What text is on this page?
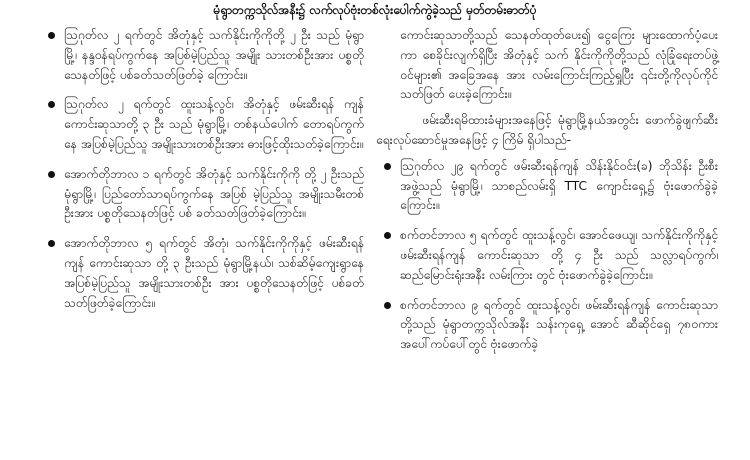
မုံရွာတက္ကသိုလ်အနီး၌ လက်လုပ်ဗုံးတစ်လုံးပေါက်ကွဲခဲ့သည် မှတ်တမ်းဓာတ်ပုံ
ဩဂုတ်လ ၂ ရက်တွင် အိတုံနှင့် သက်နိုင်းကိုကိုတို့ ၂ ဦး သည် မုံရွာမြို့၊ နန္ဒဝန်ရပ်ကွက်နေ အပြစ်မဲ့ပြည်သူ အမျိုး သားတစ်ဦးအား ပစ္စတိုသေနတ်ဖြင့် ပစ်ခတ်သတ်ဖြတ်ခဲ့ ကြောင်း။
ဩဂုတ်လ ၂ ရက်တွင် ထူးသန့်လွင်၊ အိတုံနှင့် ဖမ်းဆီးရန် ကျန် ကောင်းဆုသာတို့ ၃ ဦး သည် မုံရွာမြို့၊ တစ်နယ်ပေါက် တောရပ်ကွက်နေ အပြစ်မဲ့ပြည်သူ အမျိုးသားတစ်ဦးအား ဓားဖြင့်ထိုးသတ်ခဲ့ကြောင်း။
အောက်တိုဘာလ ၁ ရက်တွင် အိတုံနှင့် သက်နိုင်းကိုကို တို့ ၂ ဦးသည် မုံရွာမြို့၊ ပြည်တော်သာရပ်ကွက်နေ အပြစ် မဲ့ပြည်သူ အမျိုးသမီးတစ်ဦးအား ပစ္စတိုသေနတ်ဖြင့် ပစ် ခတ်သတ်ဖြတ်ခဲ့ကြောင်း။
အောက်တိုဘာလ ၅ ရက်တွင် အိတုံ၊ သက်နိုင်းကိုကိုနှင့် ဖမ်းဆီးရန်ကျန် ကောင်းဆုသာ တို့ ၃ ဦးသည် မုံရွာမြို့နယ်၊ သစ်ဆိမ့်ကျေးရွာနေ အပြစ်မဲ့ပြည်သူ အမျိုးသားတစ်ဦး အား ပစ္စတိုသေနတ်ဖြင့် ပစ်ခတ်သတ်ဖြတ်ခဲ့ကြောင်း။

ကောင်းဆုသာတို့သည် သေနတ်ထုတ်ပေး၍ ငွေကြေး များထောက်ပံ့ပေးကာ စေခိုင်းလျက်ရှိပြီး အိတုံနှင့် သက် နိုင်းကိုကိုတို့သည် လုံခြုံရေးတပ်ဖွဲ့ဝင်များ၏ အခြေအနေ အား လမ်းကြောင်းကြည့်ရှုပြီး ၎င်းတို့ကိုလုပ်ကိုင်သတ်ဖြတ် ပေးခဲ့ကြောင်း။

ဖမ်းဆီးရမိထားခံများအနေဖြင့် မုံရွာမြို့နယ်အတွင်း ဖောက်ခွဲဖျက်ဆီးရေးလုပ်ဆောင်မှုအနေဖြင့် ၄ ကြိမ် ရှိပါသည်-

ဩဂုတ်လ ၂၉ ရက်တွင် ဖမ်းဆီးရန်ကျန် သိန်းနိုင်ဝင်း(ခ) ဘိုသိန်း ဦးစီးအဖွဲ့သည် မုံရွာမြို့၊ သာစည်လမ်းရှိ TTC ကျောင်းရှေ့၌ ဗုံးဖောက်ခွဲခဲ့ကြောင်း။
စက်တင်ဘာလ ၅ ရက်တွင် ထူးသန့်လွင်၊ အောင်ဖေယျ၊ သက်နိုင်းကိုကိုနှင့် ဖမ်းဆီးရန်ကျန် ကောင်းဆုသာ တို့ ၄ ဦး သည် သလ္လာရပ်ကွက်၊ ဆည်မြောင်းရုံးအနီး လမ်းကြား တွင် ဗုံးဖောက်ခွဲခဲ့ကြောင်း။
စက်တင်ဘာလ ၉ ရက်တွင် ထူးသန့်လွင်၊ ဖမ်းဆီးရန်ကျန် ကောင်းဆုသာတို့သည် မုံရွာတက္ကသိုလ်အနီး သန်းကုရှေ့ အောင် ဆီဆိုင်ရှေ ၇၈ဝကားအပေါ်ကပ်ပေါ်တွင် ဗုံးဖောက်ခဲ့
